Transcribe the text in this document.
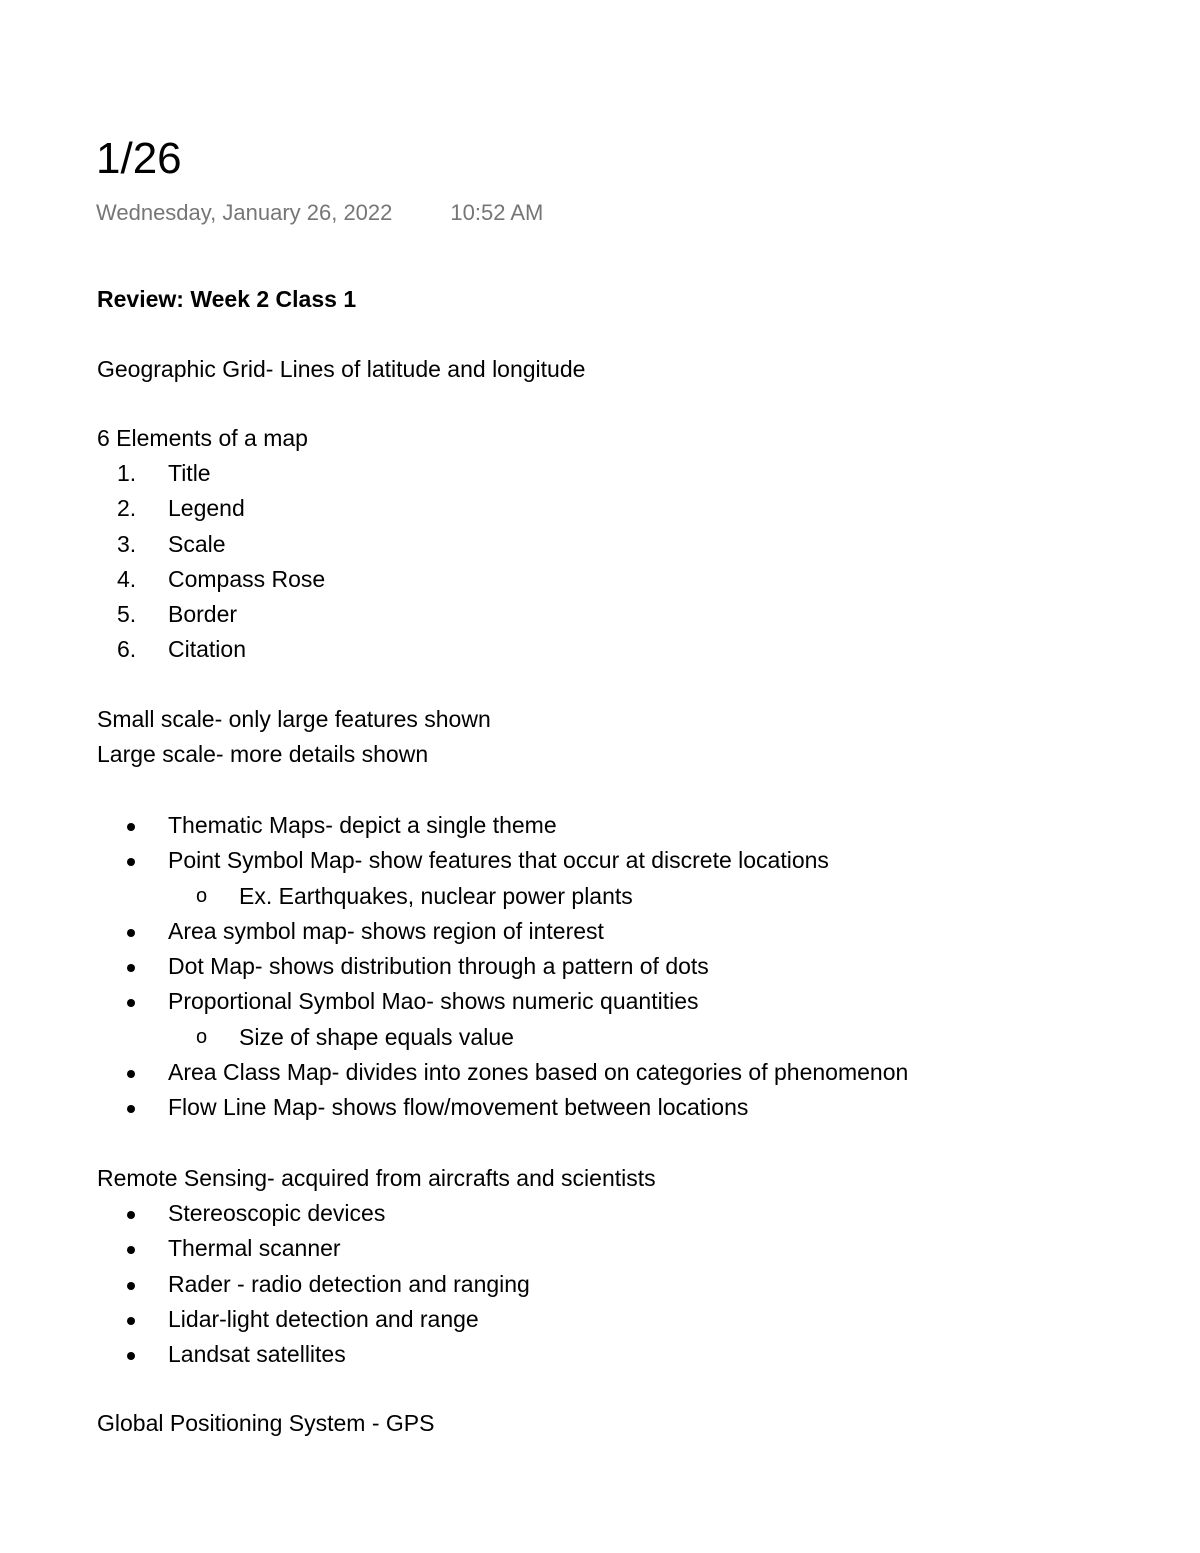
1/26
Wednesday, January 26, 2022	10:52 AM
Review: Week 2 Class 1
Geographic Grid- Lines of latitude and longitude
6 Elements of a map
1.	Title
2.	Legend
3.	Scale
4.	Compass Rose
5.	Border
6.	Citation
Small scale- only large features shown
Large scale- more details shown
Thematic Maps- depict a single theme
Point Symbol Map- show features that occur at discrete locations
o Ex. Earthquakes, nuclear power plants
Area symbol map- shows region of interest
Dot Map- shows distribution through a pattern of dots
Proportional Symbol Mao- shows numeric quantities
o Size of shape equals value
Area Class Map- divides into zones based on categories of phenomenon
Flow Line Map- shows flow/movement between locations
Remote Sensing- acquired from aircrafts and scientists
Stereoscopic devices
Thermal scanner
Rader - radio detection and ranging
Lidar-light detection and range
Landsat satellites
Global Positioning System - GPS
